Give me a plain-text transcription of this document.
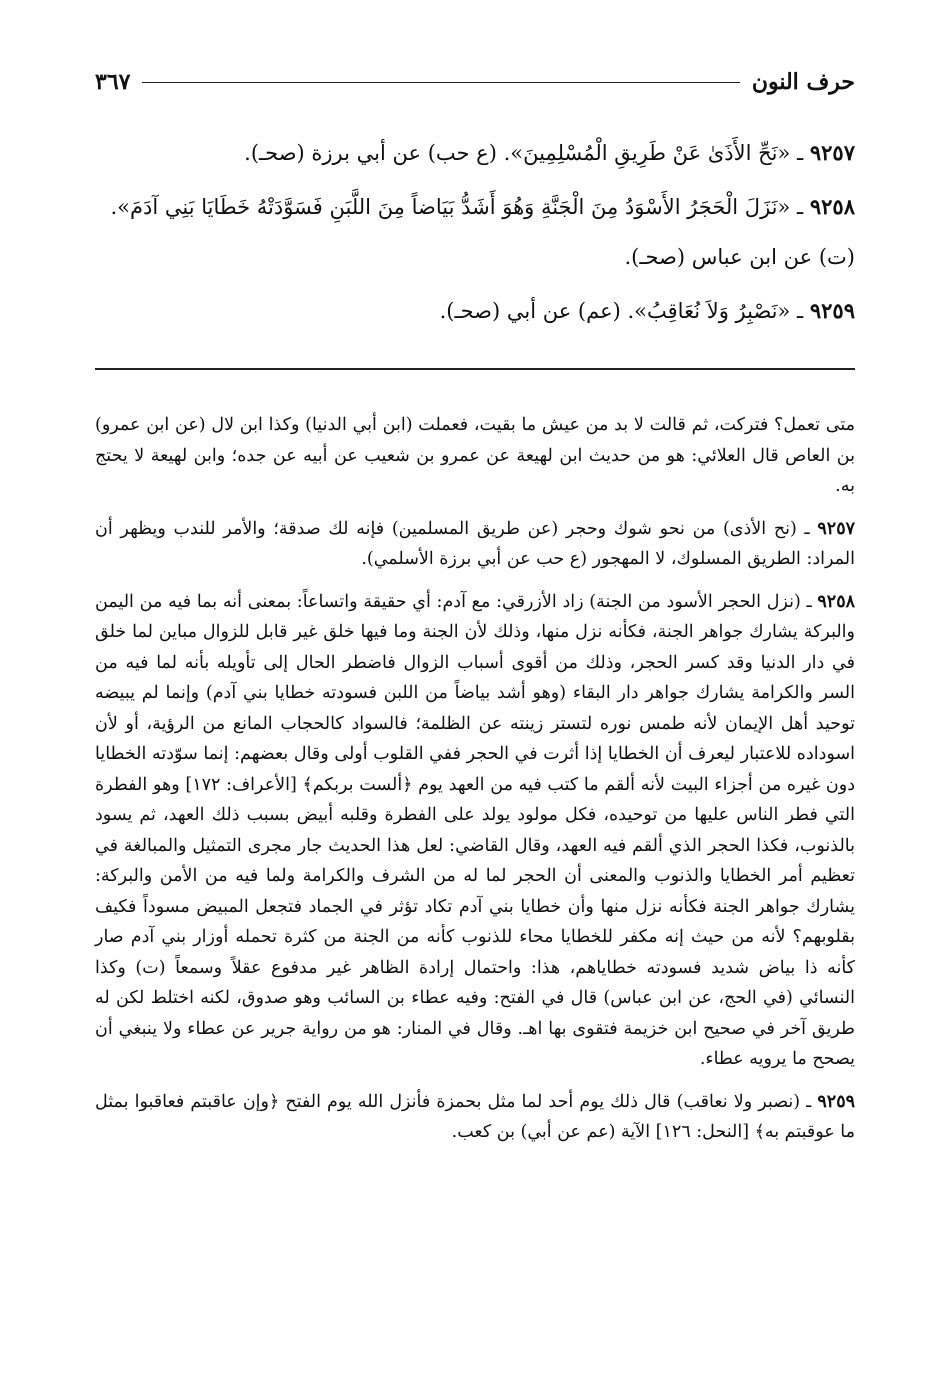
حرف النون
٣٦٧

٩٢٥٧ ـ «نَحِّ الأَذَىٰ عَنْ طَرِيقِ الْمُسْلِمِينَ». (ع حب) عن أبي برزة (صحـ).

٩٢٥٨ ـ «نَزَلَ الْحَجَرُ الأَسْوَدُ مِنَ الْجَنَّةِ وَهُوَ أَشَدُّ بَيَاضاً مِنَ اللَّبَنِ فَسَوَّدَتْهُ خَطَايَا بَنِي آدَمَ». (ت) عن ابن عباس (صحـ).

٩٢٥٩ ـ «نَصْبِرُ وَلاَ نُعَاقِبُ». (عم) عن أبي (صحـ).

متى تعمل؟ فتركت، ثم قالت لا بد من عيش ما بقيت، فعملت (ابن أبي الدنيا) وكذا ابن لال (عن ابن عمرو) بن العاص قال العلائي: هو من حديث ابن لهيعة عن عمرو بن شعيب عن أبيه عن جده؛ وابن لهيعة لا يحتج به.

٩٢٥٧ ـ (نح الأذى) من نحو شوك وحجر (عن طريق المسلمين) فإنه لك صدقة؛ والأمر للندب ويظهر أن المراد: الطريق المسلوك، لا المهجور (ع حب عن أبي برزة الأسلمي).

٩٢٥٨ ـ (نزل الحجر الأسود من الجنة) زاد الأزرقي: مع آدم: أي حقيقة واتساعاً: بمعنى أنه بما فيه من اليمن والبركة يشارك جواهر الجنة، فكأنه نزل منها، وذلك لأن الجنة وما فيها خلق غير قابل للزوال مباين لما خلق في دار الدنيا وقد كسر الحجر، وذلك من أقوى أسباب الزوال فاضطر الحال إلى تأويله بأنه لما فيه من السر والكرامة يشارك جواهر دار البقاء (وهو أشد بياضاً من اللبن فسودته خطايا بني آدم) وإنما لم يبيضه توحيد أهل الإيمان لأنه طمس نوره لتستر زينته عن الظلمة؛ فالسواد كالحجاب المانع من الرؤية، أو لأن اسوداده للاعتبار ليعرف أن الخطايا إذا أثرت في الحجر ففي القلوب أولى وقال بعضهم: إنما سوّدته الخطايا دون غيره من أجزاء البيت لأنه ألقم ما كتب فيه من العهد يوم ﴿ألست بربكم﴾ [الأعراف: ١٧٢] وهو الفطرة التي فطر الناس عليها من توحيده، فكل مولود يولد على الفطرة وقلبه أبيض بسبب ذلك العهد، ثم يسود بالذنوب، فكذا الحجر الذي ألقم فيه العهد، وقال القاضي: لعل هذا الحديث جار مجرى التمثيل والمبالغة في تعظيم أمر الخطايا والذنوب والمعنى أن الحجر لما له من الشرف والكرامة ولما فيه من الأمن والبركة: يشارك جواهر الجنة فكأنه نزل منها وأن خطايا بني آدم تكاد تؤثر في الجماد فتجعل المبيض مسوداً فكيف بقلوبهم؟ لأنه من حيث إنه مكفر للخطايا محاء للذنوب كأنه من الجنة من كثرة تحمله أوزار بني آدم صار كأنه ذا بياض شديد فسودته خطاياهم، هذا: واحتمال إرادة الظاهر غير مدفوع عقلاً وسمعاً (ت) وكذا النسائي (في الحج، عن ابن عباس) قال في الفتح: وفيه عطاء بن السائب وهو صدوق، لكنه اختلط لكن له طريق آخر في صحيح ابن خزيمة فتقوى بها اهـ. وقال في المنار: هو من رواية جرير عن عطاء ولا ينبغي أن يصحح ما يرويه عطاء.

٩٢٥٩ ـ (نصبر ولا نعاقب) قال ذلك يوم أحد لما مثل بحمزة فأنزل الله يوم الفتح ﴿وإن عاقبتم فعاقبوا بمثل ما عوقبتم به﴾ [النحل: ١٢٦] الآية (عم عن أبي) بن كعب.
